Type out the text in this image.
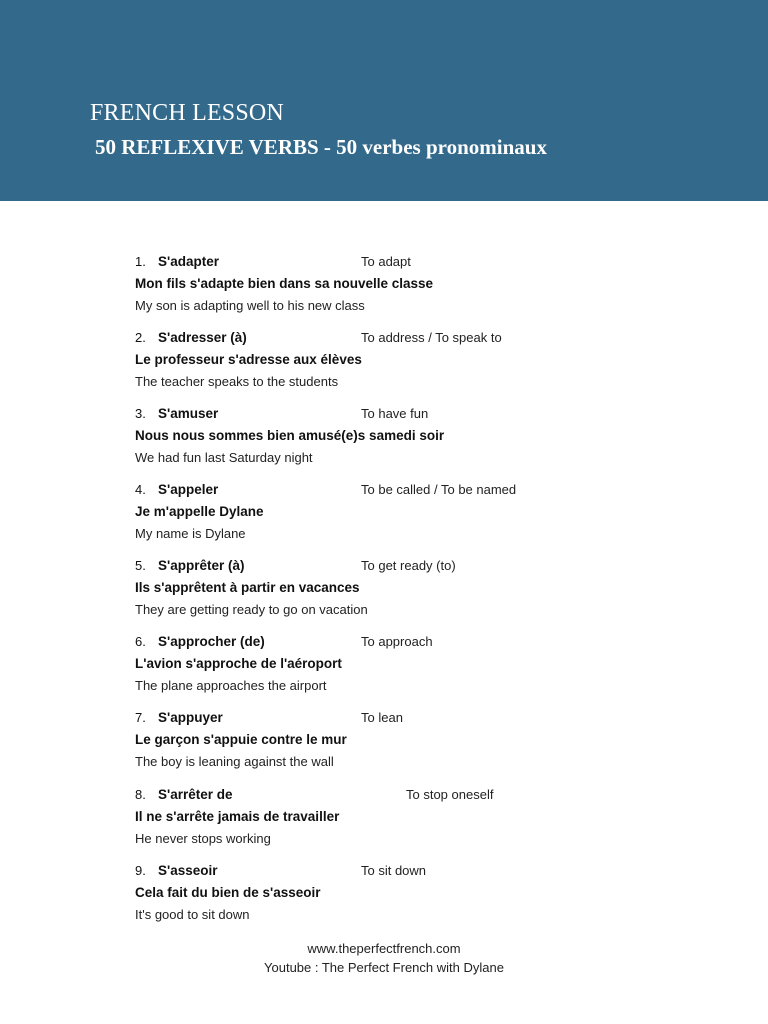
FRENCH LESSON
50 REFLEXIVE VERBS - 50 verbes pronominaux
1. S'adapter	To adapt
Mon fils s'adapte bien dans sa nouvelle classe
My son is adapting well to his new class
2. S'adresser (à)	To address / To speak to
Le professeur s'adresse aux élèves
The teacher speaks to the students
3. S'amuser	To have fun
Nous nous sommes bien amusé(e)s samedi soir
We had fun last Saturday night
4. S'appeler	To be called / To be named
Je m'appelle Dylane
My name is Dylane
5. S'apprêter (à)	To get ready (to)
Ils s'apprêtent à partir en vacances
They are getting ready to go on vacation
6. S'approcher (de)	To approach
L'avion s'approche de l'aéroport
The plane approaches the airport
7. S'appuyer	To lean
Le garçon s'appuie contre le mur
The boy is leaning against the wall
8. S'arrêter de	To stop oneself
Il ne s'arrête jamais de travailler
He never stops working
9. S'asseoir	To sit down
Cela fait du bien de s'asseoir
It's good to sit down
www.theperfectfrench.com
Youtube : The Perfect French with Dylane
